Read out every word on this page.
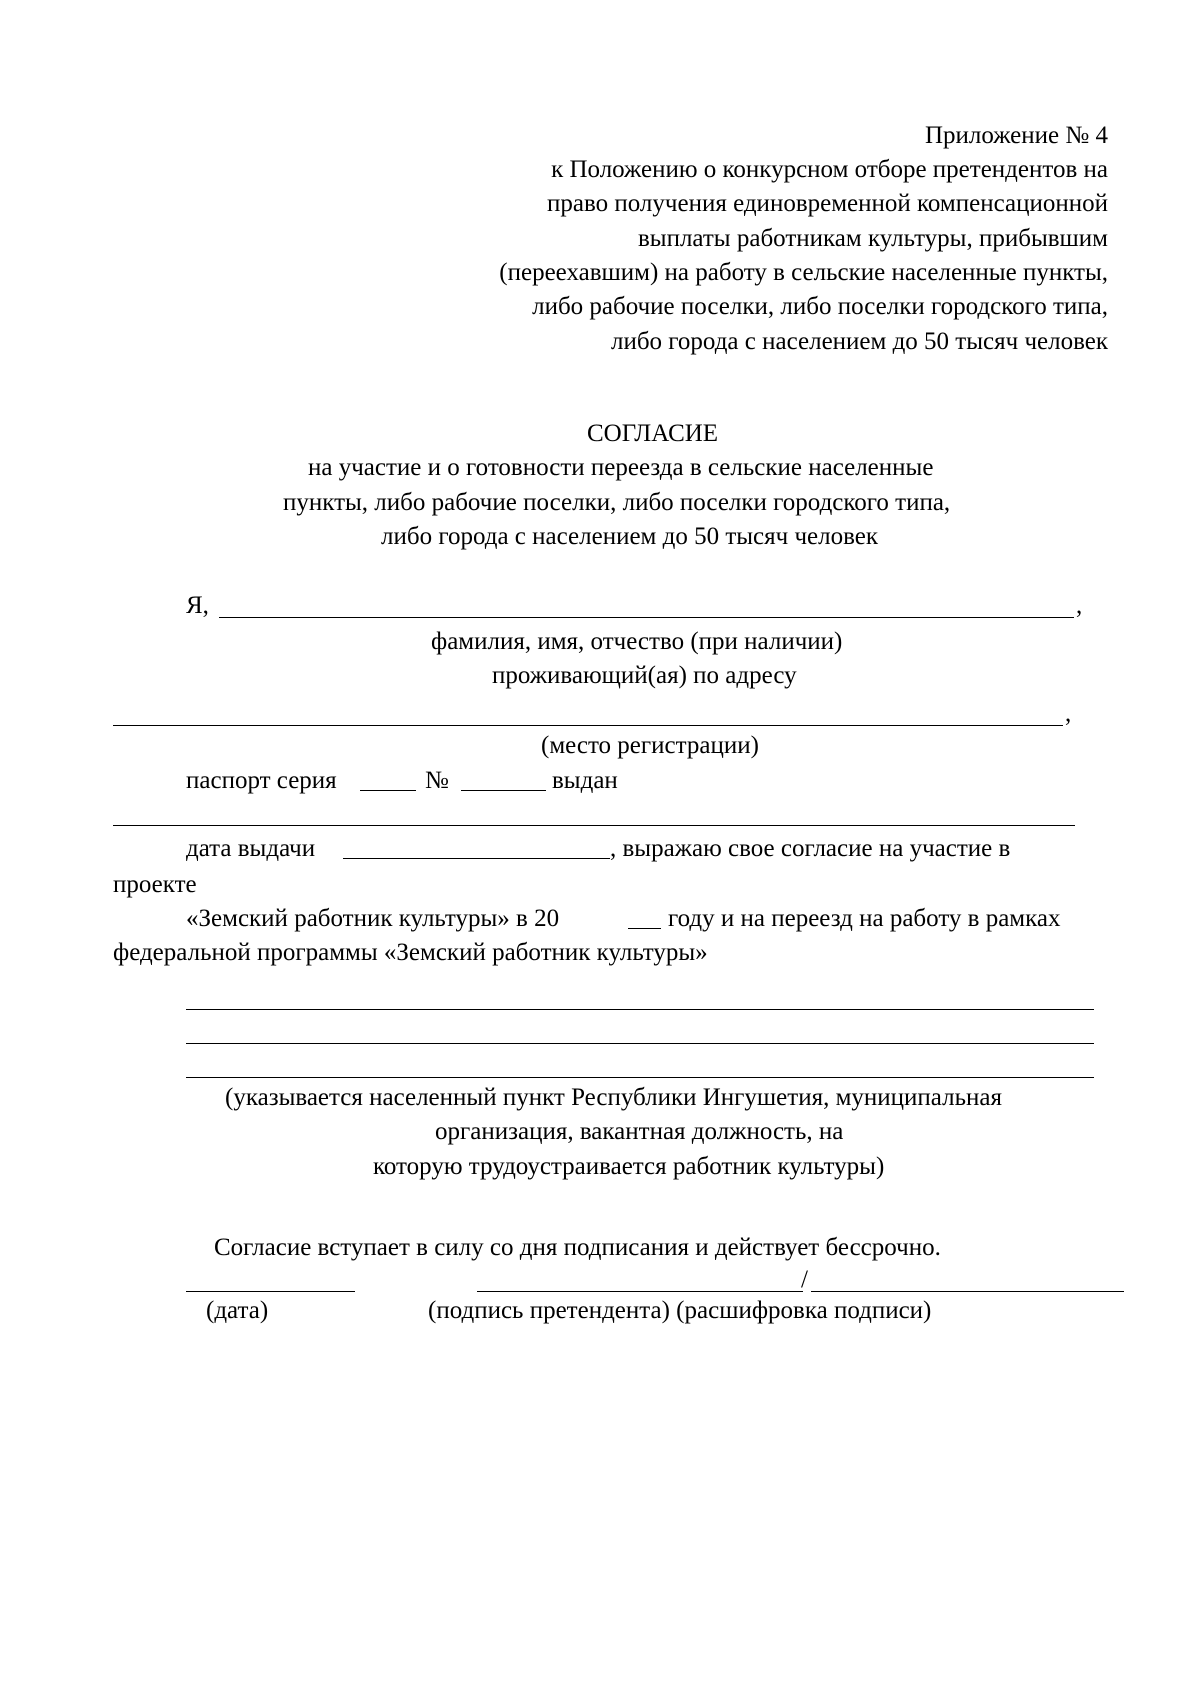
Приложение № 4
к Положению о конкурсном отборе претендентов на
право получения единовременной компенсационной
выплаты работникам культуры, прибывшим
(переехавшим) на работу в сельские населенные пункты,
либо рабочие поселки, либо поселки городского типа,
либо города с населением до 50 тысяч человек
СОГЛАСИЕ
на участие и о готовности переезда в сельские населенные
пункты, либо рабочие поселки, либо поселки городского типа,
либо города с населением до 50 тысяч человек
Я,	,
фамилия, имя, отчество (при наличии)
проживающий(ая) по адресу
,
(место регистрации)
паспорт серия	№	выдан
дата выдачи	, выражаю свое согласие на участие в
проекте
«Земский работник культуры» в 20	году и на переезд на работу в рамках
федеральной программы «Земский работник культуры»
(указывается населенный пункт Республики Ингушетия, муниципальная
организация, вакантная должность, на
которую трудоустраивается работник культуры)
Согласие вступает в силу со дня подписания и действует бессрочно.
/
(дата)	(подпись претендента) (расшифровка подписи)
